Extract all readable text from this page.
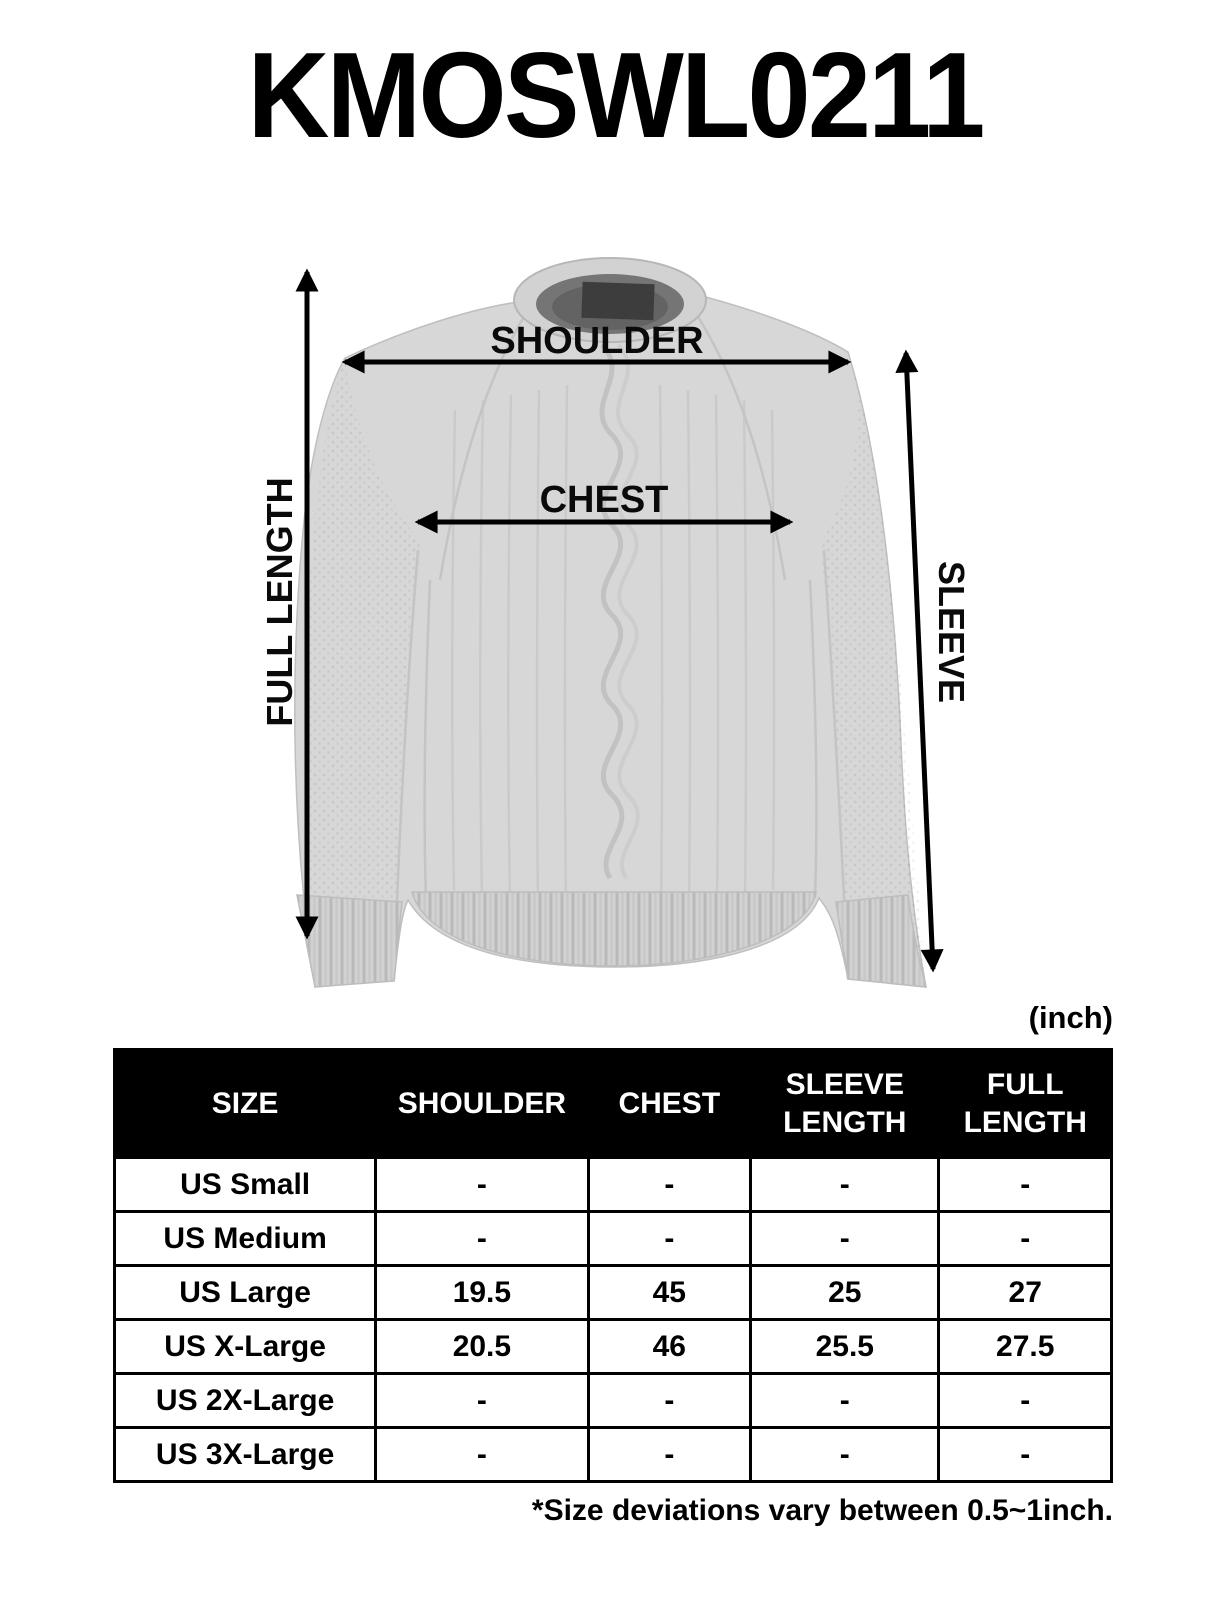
KMOSWL0211
SHOULDER
CHEST
FULL LENGTH	SLEEVE
(inch)
SIZE	SHOULDER	CHEST	SLEEVE LENGTH	FULL LENGTH
US Small	-	-	-	-
US Medium	-	-	-	-
US Large	19.5	45	25	27
US X-Large	20.5	46	25.5	27.5
US 2X-Large	-	-	-	-
US 3X-Large	-	-	-	-
*Size deviations vary between 0.5~1inch.
